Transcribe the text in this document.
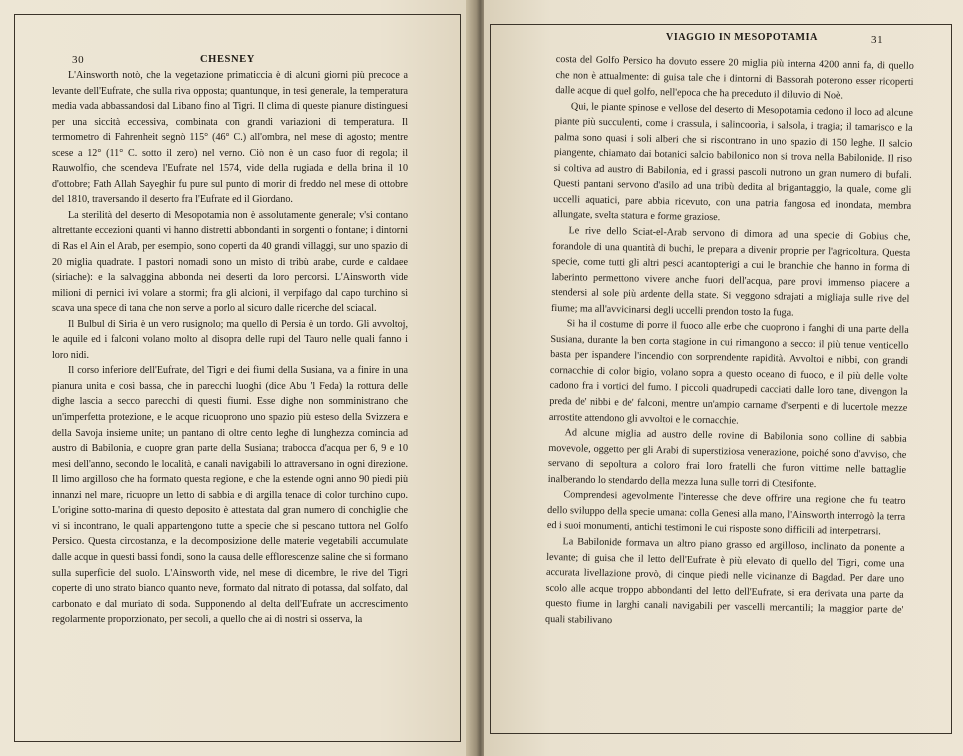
30	CHESNEY

L'Ainsworth notò, che la vegetazione primaticcia è di alcuni giorni più precoce a levante dell'Eufrate, che sulla riva opposta; quantunque, in tesi generale, la temperatura media vada abbassandosi dal Libano fino al Tigri. Il clima di queste pianure distinguesi per una siccità eccessiva, combinata con grandi variazioni di temperatura. Il termometro di Fahrenheit segnò 115° (46° C.) all'ombra, nel mese di agosto; mentre scese a 12° (11° C. sotto il zero) nel verno. Ciò non è un caso fuor di regola; il Rauwolfio, che scendeva l'Eufrate nel 1574, vide della rugiada e della brina il 10 d'ottobre; Fath Allah Sayeghir fu pure sul punto di morir di freddo nel mese di ottobre del 1810, traversando il deserto fra l'Eufrate ed il Giordano.

La sterilità del deserto di Mesopotamia non è assolutamente generale; v'si contano altrettante eccezioni quanti vi hanno distretti abbondanti in sorgenti o fontane; i dintorni di Ras el Ain el Arab, per esempio, sono coperti da 40 grandi villaggi, sur uno spazio di 20 miglia quadrate. I pastori nomadi sono un misto di tribù arabe, curde e caldaee (siriache): e la salvaggina abbonda nei deserti da loro percorsi. L'Ainsworth vide milioni di pernici ivi volare a stormi; fra gli alcioni, il verpifago dal capo turchino si scava una spece di tana che non serve a porlo al sicuro dalle ricerche del sciacal.

Il Bulbul di Siria è un vero rusignolo; ma quello di Persia è un tordo. Gli avvoltoj, le aquile ed i falconi volano molto al disopra delle rupi del Tauro nelle quali fanno i loro nidi.

Il corso inferiore dell'Eufrate, del Tigri e dei fiumi della Susiana, va a finire in una pianura unita e così bassa, che in parecchi luoghi (dice Abu 'l Feda) la rottura delle dighe lascia a secco parecchi di questi fiumi. Esse dighe non somministrano che un'imperfetta protezione, e le acque ricuoprono uno spazio più esteso della Svizzera e della Savoja insieme unite; un pantano di oltre cento leghe di lunghezza comincia ad austro di Babilonia, e cuopre gran parte della Susiana; trabocca d'acqua per 6, 9 e 10 mesi dell'anno, secondo le località, e canali navigabili lo attraversano in ogni direzione. Il limo argilloso che ha formato questa regione, e che la estende ogni anno 90 piedi più innanzi nel mare, ricuopre un letto di sabbia e di argilla tenace di color turchino cupo. L'origine sotto-marina di questo deposito è attestata dal gran numero di conchiglie che vi si incontrano, le quali appartengono tutte a specie che si pescano tuttora nel Golfo Persico. Questa circostanza, e la decomposizione delle materie vegetabili accumulate dalle acque in questi bassi fondi, sono la causa delle efflorescenze saline che si formano sulla superficie del suolo. L'Ainsworth vide, nel mese di dicembre, le rive del Tigri coperte di uno strato bianco quanto neve, formato dal nitrato di potassa, dal solfato, dal carbonato e dal muriato di soda. Supponendo al delta dell'Eufrate un accrescimento regolarmente proporzionato, per secoli, a quello che ai dì nostri si osserva, la

VIAGGIO IN MESOPOTAMIA	31

costa del Golfo Persico ha dovuto essere 20 miglia più interna 4200 anni fa, di quello che non è attualmente: di guisa tale che i dintorni di Bassorah poterono esser ricoperti dalle acque di quel golfo, nell'epoca che ha preceduto il diluvio di Noè.

Qui, le piante spinose e vellose del deserto di Mesopotamia cedono il loco ad alcune piante più succulenti, come i crassula, i salincoorìa, i salsola, i tragia; il tamarisco e la palma sono quasi i soli alberi che si riscontrano in uno spazio di 150 leghe. Il salcio piangente, chiamato dai botanici salcio babilonico non si trova nella Babilonide. Il riso si coltiva ad austro di Babilonia, ed i grassi pascoli nutrono un gran numero di bufali. Questi pantani servono d'asilo ad una tribù dedita al brigantaggio, la quale, come gli uccelli aquatici, pare abbia ricevuto, con una patria fangosa ed inondata, membra allungate, svelta statura e forme graziose.

Le rive dello Sciat-el-Arab servono di dimora ad una specie di Gobius che, forandole di una quantità di buchi, le prepara a divenir proprie per l'agricoltura. Questa specie, come tutti gli altri pesci acantopterigi a cui le branchie che hanno in forma di laberinto permettono vivere anche fuori dell'acqua, pare provi immenso piacere a stendersi al sole più ardente della state. Si veggono sdrajati a migliaja sulle rive del fiume; ma all'avvicinarsi degli uccelli prendon tosto la fuga.

Si ha il costume di porre il fuoco alle erbe che cuoprono i fanghi di una parte della Susiana, durante la ben corta stagione in cui rimangono a secco: il più tenue venticello basta per ispandere l'incendio con sorprendente rapidità. Avvoltoi e nibbi, con grandi cornacchie di color bigio, volano sopra a questo oceano di fuoco, e il più delle volte cadono fra i vortici del fumo. I piccoli quadrupedi cacciati dalle loro tane, divengon la preda de' nibbi e de' falconi, mentre un'ampio carname d'serpenti e di lucertole mezze arrostite attendono gli avvoltoi e le cornacchie.

Ad alcune miglia ad austro delle rovine di Babilonia sono colline di sabbia movevole, oggetto per gli Arabi di superstiziosa venerazione, poiché sono d'avviso, che servano di sepoltura a coloro frai loro fratelli che furon vittime nelle battaglie inalberando lo stendardo della mezza luna sulle torri di Ctesifonte.

Comprendesi agevolmente l'interesse che deve offrire una regione che fu teatro dello sviluppo della specie umana: colla Genesi alla mano, l'Ainsworth interrogò la terra ed i suoi monumenti, antichi testimoni le cui risposte sono difficili ad interpetrarsi.

La Babilonide formava un altro piano grasso ed argilloso, inclinato da ponente a levante; di guisa che il letto dell'Eufrate è più elevato di quello del Tigri, come una accurata livellazione provò, di cinque piedi nelle vicinanze di Bagdad. Per dare uno scolo alle acque troppo abbondanti del letto dell'Eufrate, si era derivata una parte da questo fiume in larghi canali navigabili per vascelli mercantili; la maggior parte de' quali stabilivano
